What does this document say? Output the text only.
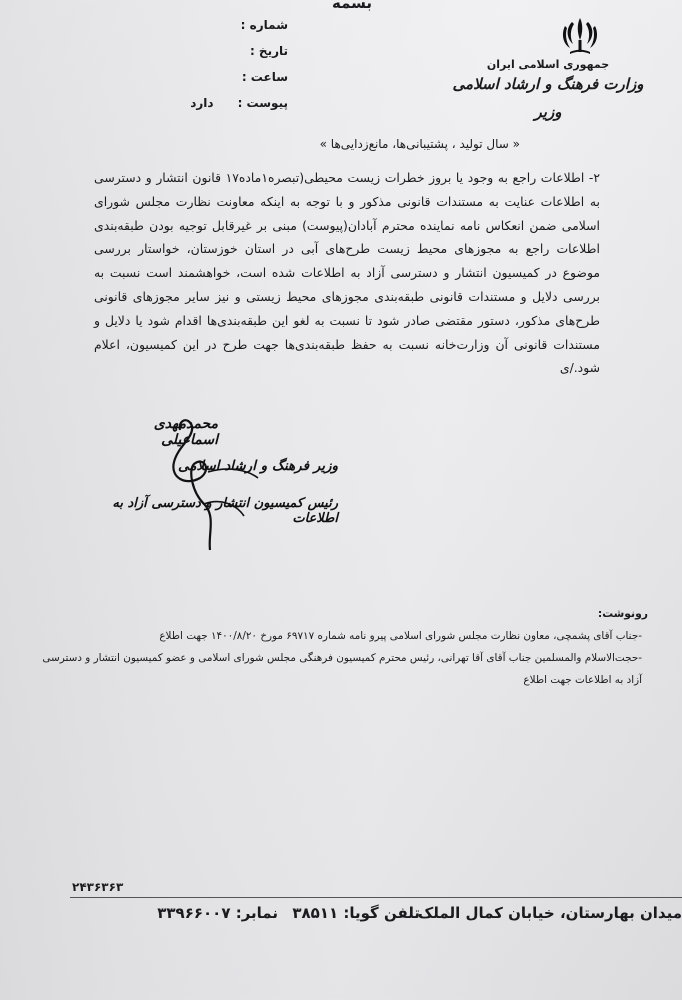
بسمه
جمهوری اسلامی ایران
وزارت فرهنگ و ارشاد اسلامی
وزیر
شماره :
تاریخ :
ساعت :
پیوست :
دارد
« سال تولید ، پشتیبانی‌ها، مانع‌زدایی‌ها »

۲- اطلاعات راجع به وجود یا بروز خطرات زیست محیطی(تبصره۱ماده۱۷ قانون انتشار و دسترسی به اطلاعات عنایت به مستندات قانونی مذکور و با توجه به اینکه معاونت نظارت مجلس شورای اسلامی ضمن انعکاس نامه نماینده محترم آبادان(پیوست) مبنی بر غیرقابل توجیه بودن طبقه‌بندی اطلاعات راجع به مجوزهای محیط زیست طرح‌های آبی در استان خوزستان، خواستار بررسی موضوع در کمیسیون انتشار و دسترسی آزاد به اطلاعات شده است، خواهشمند است نسبت به بررسی دلایل و مستندات قانونی طبقه‌بندی مجوزهای محیط زیستی و نیز سایر مجوزهای قانونی طرح‌های مذکور، دستور مقتضی صادر شود تا نسبت به لغو این طبقه‌بندی‌ها اقدام شود یا دلایل و مستندات قانونی آن وزارت‌خانه نسبت به حفظ طبقه‌بندی‌ها جهت طرح در این کمیسیون، اعلام شود./ی

محمدمهدی اسماعیلی
وزیر فرهنگ و ارشاد اسلامی
رئیس کمیسیون انتشار و دسترسی آزاد به اطلاعات
رونوشت:
-جناب آقای پشمچی، معاون نظارت مجلس شورای اسلامی پیرو نامه شماره ۶۹۷۱۷ مورخ ۱۴۰۰/۸/۲۰ جهت اطلاع
-حجت‌الاسلام والمسلمین جناب آقای آقا تهرانی، رئیس محترم کمیسیون فرهنگی مجلس شورای اسلامی و عضو کمیسیون انتشار و دسترسی
آزاد به اطلاعات جهت اطلاع
۲۴۳۶۳۶۳
میدان بهارستان، خیابان کمال الملک
تلفن گویا: ۳۸۵۱۱
نمابر: ۳۳۹۶۶۰۰۷
